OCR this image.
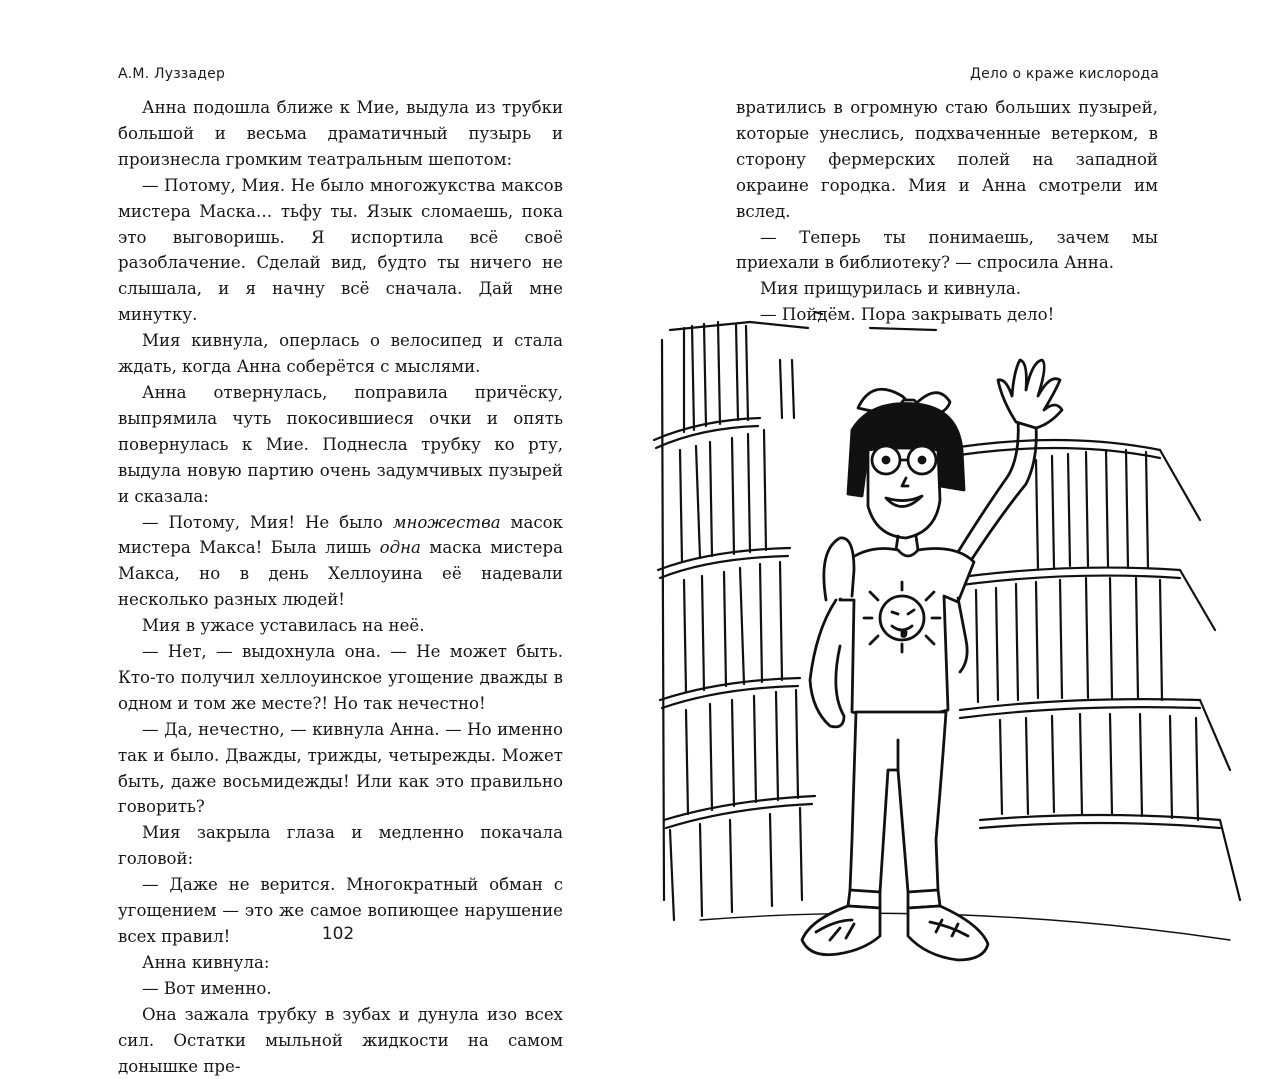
А.М. Луззадер

Анна подошла ближе к Мие, выдула из трубки большой и весьма драматичный пузырь и произнесла громким театральным шепотом:

— Потому, Мия. Не было многожукства максов мистера Маска… тьфу ты. Язык сломаешь, пока это выговоришь. Я испортила всё своё разоблачение. Сделай вид, будто ты ничего не слышала, и я начну всё сначала. Дай мне минутку.

Мия кивнула, оперлась о велосипед и стала ждать, когда Анна соберётся с мыслями.

Анна отвернулась, поправила причёску, выпрямила чуть покосившиеся очки и опять повернулась к Мие. Поднесла трубку ко рту, выдула новую партию очень задумчивых пузырей и сказала:

— Потому, Мия! Не было множества масок мистера Макса! Была лишь одна маска мистера Макса, но в день Хеллоуина её надевали несколько разных людей!

Мия в ужасе уставилась на неё.

— Нет, — выдохнула она. — Не может быть. Кто-то получил хеллоуинское угощение дважды в одном и том же месте?! Но так нечестно!

— Да, нечестно, — кивнула Анна. — Но именно так и было. Дважды, трижды, четырежды. Может быть, даже восьмидежды! Или как это правильно говорить?

Мия закрыла глаза и медленно покачала головой:

— Даже не верится. Многократный обман с угощением — это же самое вопиющее нарушение всех правил!

Анна кивнула:

— Вот именно.

Она зажала трубку в зубах и дунула изо всех сил. Остатки мыльной жидкости на самом донышке пре-

102
Дело о краже кислорода

вратились в огромную стаю больших пузырей, которые унеслись, подхваченные ветерком, в сторону фермерских полей на западной окраине городка. Мия и Анна смотрели им вслед.

— Теперь ты понимаешь, зачем мы приехали в библиотеку? — спросила Анна.

Мия прищурилась и кивнула.

— Пойдём. Пора закрывать дело!
